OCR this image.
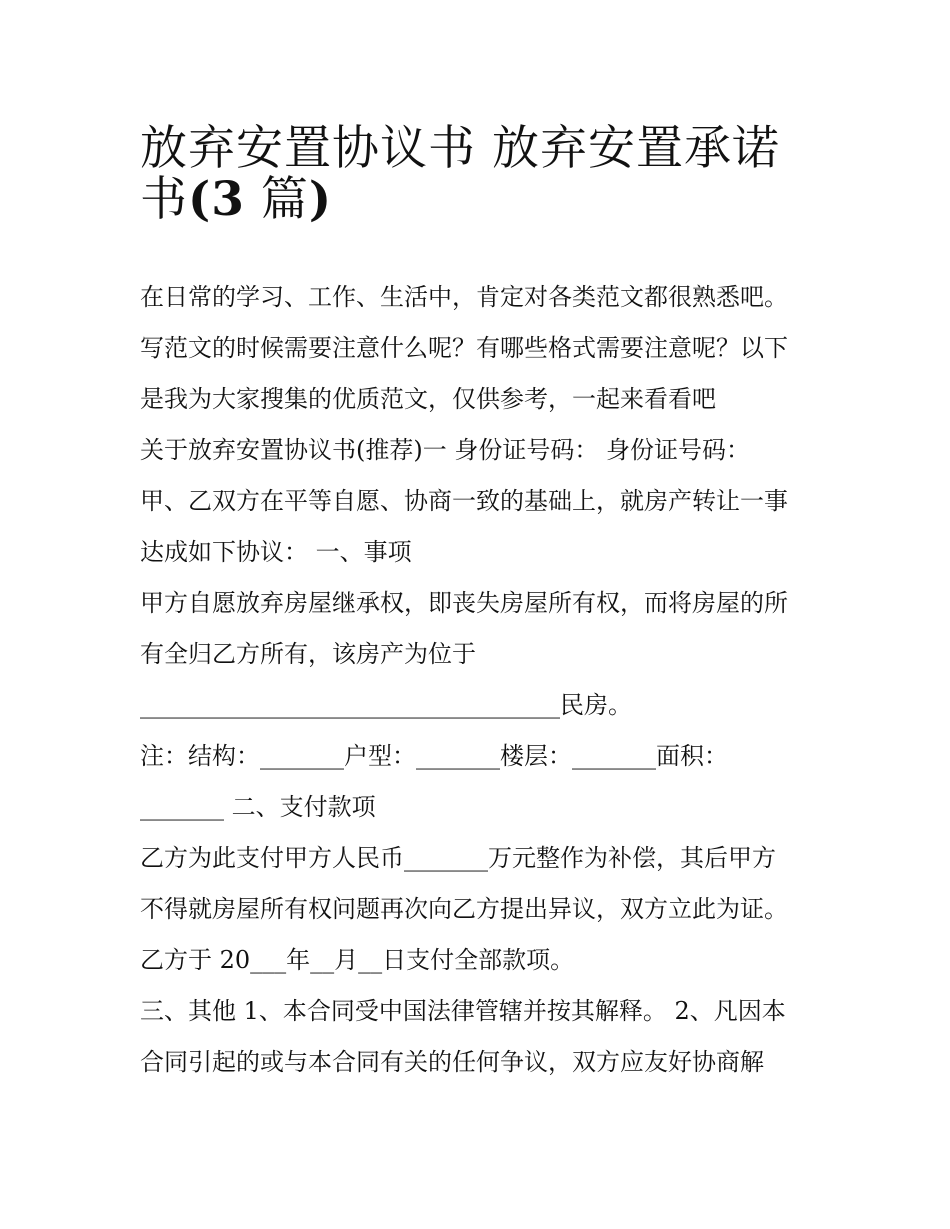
放弃安置协议书 放弃安置承诺
书(3 篇)
在日常的学习、工作、生活中，肯定对各类范文都很熟悉吧。
写范文的时候需要注意什么呢？有哪些格式需要注意呢？以下
是我为大家搜集的优质范文，仅供参考，一起来看看吧
关于放弃安置协议书(推荐)一 身份证号码： 身份证号码：
甲、乙双方在平等自愿、协商一致的基础上，就房产转让一事
达成如下协议： 一、事项
甲方自愿放弃房屋继承权，即丧失房屋所有权，而将房屋的所
有全归乙方所有，该房产为位于
___________________________________民房。
注：结构：_______户型：_______楼层：_______面积：
_______ 二、支付款项
乙方为此支付甲方人民币_______万元整作为补偿，其后甲方
不得就房屋所有权问题再次向乙方提出异议，双方立此为证。
乙方于 20___年__月__日支付全部款项。
三、其他 1、本合同受中国法律管辖并按其解释。 2、凡因本
合同引起的或与本合同有关的任何争议，双方应友好协商解
